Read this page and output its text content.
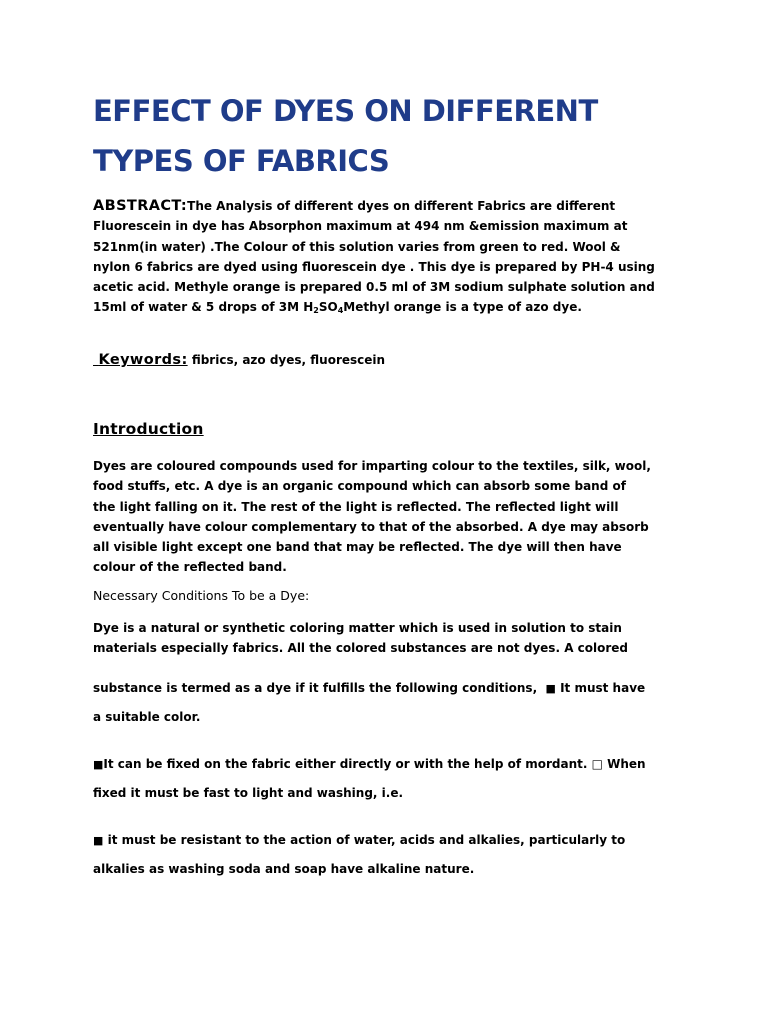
EFFECT OF DYES ON DIFFERENT
TYPES OF FABRICS
ABSTRACT:The Analysis of different dyes on different Fabrics are different
Fluorescein in dye has Absorphon maximum at 494 nm &emission maximum at
521nm(in water) .The Colour of this solution varies from green to red. Wool &
nylon 6 fabrics are dyed using fluorescein dye . This dye is prepared by PH-4 using
acetic acid. Methyle orange is prepared 0.5 ml of 3M sodium sulphate solution and
15ml of water & 5 drops of 3M $H_2SO_4Methyl$ orange is a type of azo dye.
Keywords: fibrics, azo dyes, fluorescein
Introduction
Dyes are coloured compounds used for imparting colour to the textiles, silk, wool,
food stuffs, etc. A dye is an organic compound which can absorb some band of
the light falling on it. The rest of the light is reflected. The reflected light will
eventually have colour complementary to that of the absorbed. A dye may absorb
all visible light except one band that may be reflected. The dye will then have
colour of the reflected band.
Necessary Conditions To be a Dye:
Dye is a natural or synthetic coloring matter which is used in solution to stain
materials especially fabrics. All the colored substances are not dyes. A colored
substance is termed as a dye if it fulfills the following conditions, ■ It must have
a suitable color.
■It can be fixed on the fabric either directly or with the help of mordant. □ When
fixed it must be fast to light and washing, i.e.
■ it must be resistant to the action of water, acids and alkalies, particularly to
alkalies as washing soda and soap have alkaline nature.
